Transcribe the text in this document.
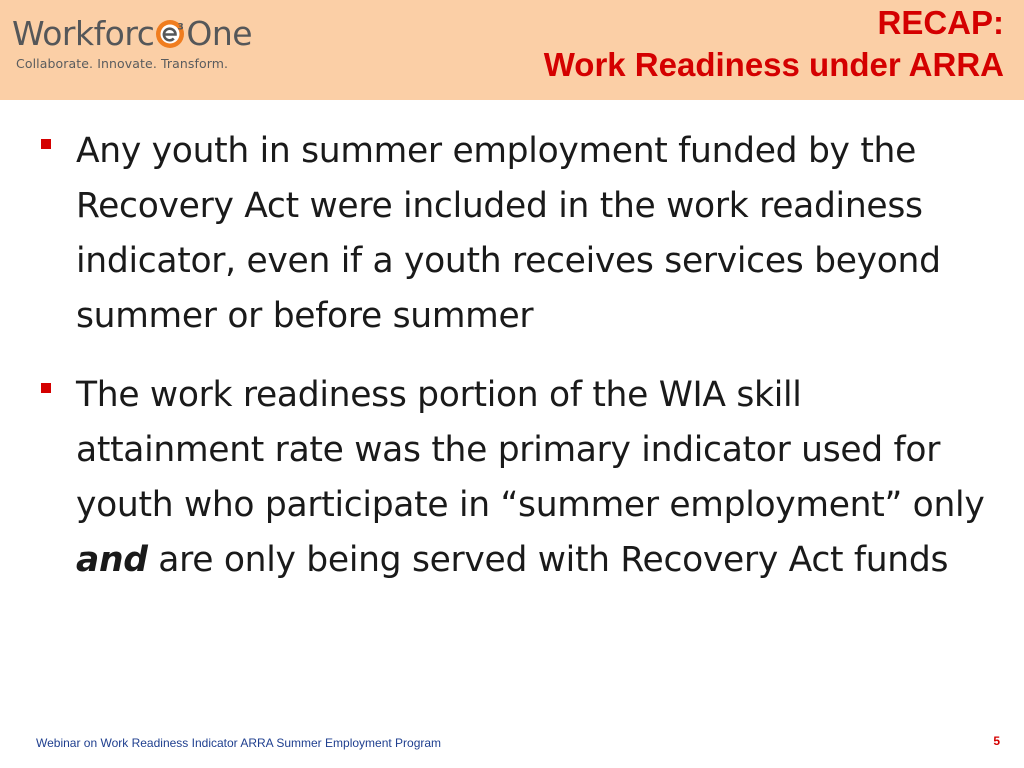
Workforc	3 One
Collaborate. Innovate. Transform.
RECAP:
Work Readiness under ARRA
Any youth in summer employment funded by the Recovery Act were included in the work readiness indicator, even if a youth receives services beyond summer or before summer
The work readiness portion of the WIA skill attainment rate was the primary indicator used for youth who participate in “summer employment” only and are only being served with Recovery Act funds
Webinar on Work Readiness Indicator ARRA Summer Employment Program	5
